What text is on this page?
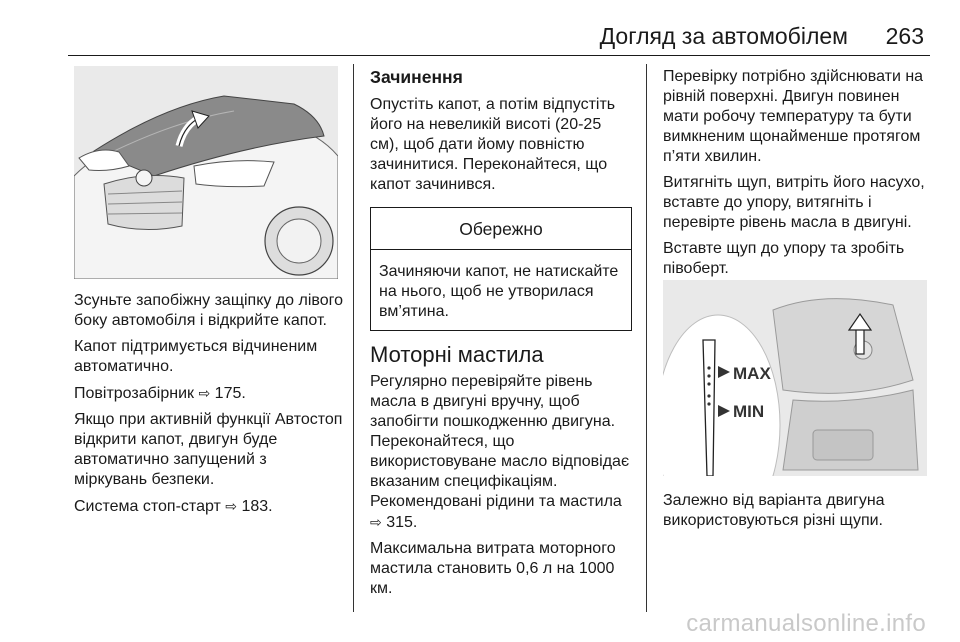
Догляд за автомобілем 263

Зсуньте запобіжну защіпку до лівого боку автомобіля і відкрийте капот.

Капот підтримується відчиненим автоматично.

Повітрозабірник ⇨ 175.

Якщо при активній функції Автостоп відкрити капот, двигун буде автоматично запущений з міркувань безпеки.

Система стоп-старт ⇨ 183.

Зачинення

Опустіть капот, а потім відпустіть його на невеликій висоті (20-25 см), щоб дати йому повністю зачинитися. Переконайтеся, що капот зачинився.

Обережно
Зачиняючи капот, не натискайте на нього, щоб не утворилася вм’ятина.
Моторні мастила

Регулярно перевіряйте рівень масла в двигуні вручну, щоб запобігти пошкодженню двигуна. Переконайтеся, що використовуване масло відповідає вказаним специфікаціям.

Рекомендовані рідини та мастила
⇨ 315.

Максимальна витрата моторного мастила становить 0,6 л на 1000 км.

Перевірку потрібно здійснювати на рівній поверхні. Двигун повинен мати робочу температуру та бути вимкненим щонайменше протягом п’яти хвилин.

Витягніть щуп, витріть його насухо, вставте до упору, витягніть і перевірте рівень масла в двигуні.

Вставте щуп до упору та зробіть півоберт.

MAX
MIN

Залежно від варіанта двигуна використовуються різні щупи.

carmanualsonline.info
